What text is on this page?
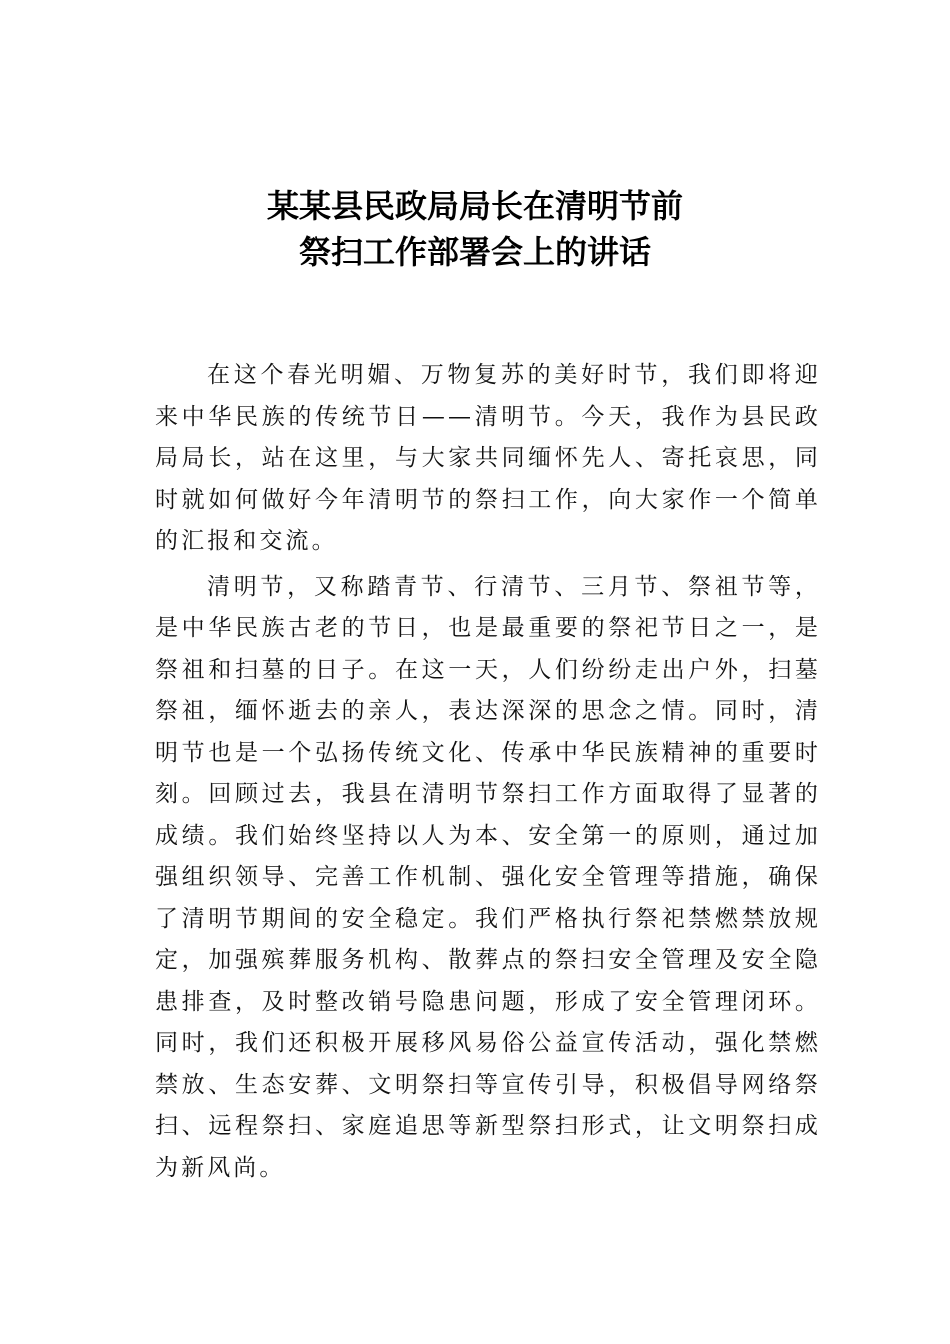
某某县民政局局长在清明节前
祭扫工作部署会上的讲话

在这个春光明媚、万物复苏的美好时节，我们即将迎来中华民族的传统节日——清明节。今天，我作为县民政局局长，站在这里，与大家共同缅怀先人、寄托哀思，同时就如何做好今年清明节的祭扫工作，向大家作一个简单的汇报和交流。

清明节，又称踏青节、行清节、三月节、祭祖节等，是中华民族古老的节日，也是最重要的祭祀节日之一，是祭祖和扫墓的日子。在这一天，人们纷纷走出户外，扫墓祭祖，缅怀逝去的亲人，表达深深的思念之情。同时，清明节也是一个弘扬传统文化、传承中华民族精神的重要时刻。回顾过去，我县在清明节祭扫工作方面取得了显著的成绩。我们始终坚持以人为本、安全第一的原则，通过加强组织领导、完善工作机制、强化安全管理等措施，确保了清明节期间的安全稳定。我们严格执行祭祀禁燃禁放规定，加强殡葬服务机构、散葬点的祭扫安全管理及安全隐患排查，及时整改销号隐患问题，形成了安全管理闭环。同时，我们还积极开展移风易俗公益宣传活动，强化禁燃禁放、生态安葬、文明祭扫等宣传引导，积极倡导网络祭扫、远程祭扫、家庭追思等新型祭扫形式，让文明祭扫成为新风尚。
